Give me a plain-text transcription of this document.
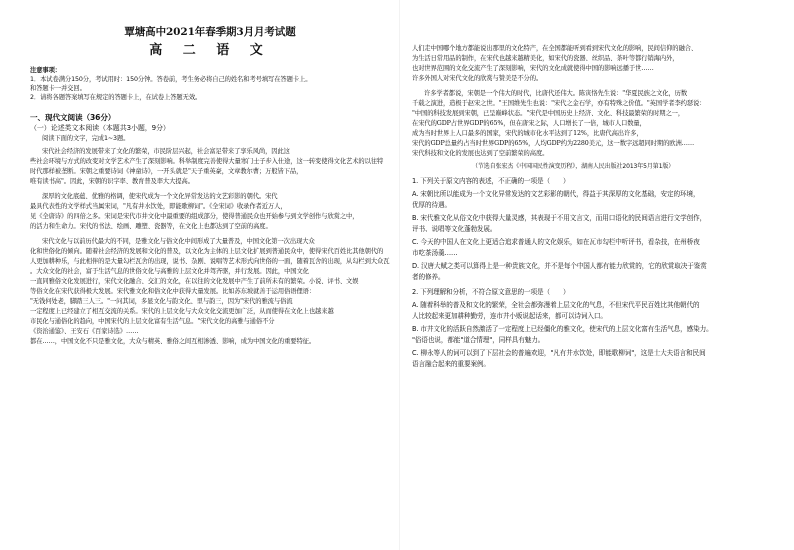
覃塘高中2021年春季期3月月考试题
高 二 语 文
注意事项：
1．本试卷满分150分，考试用时：150分钟。答卷前，考生务必将自己的姓名和考号填写在答题卡上。
和答题卡一并交回。
2．请将各题答案填写在规定的答题卡上，在试卷上答题无效。
一、现代文阅读（36分）
（一）论述类文本阅读（本题共3小题，9分）
阅读下面的文字，完成1~3题。
宋代社会经济的发展带来了文化的繁荣，市民阶层兴起，社会富足带来了享乐风尚，因此这
些社会环境与方式的改变对文学艺术产生了深刻影响。科举制度完善使得大量寒门士子步入仕途，这一转变使得文化艺术的以往特
时代那样被垄断。宋朝之重要诗词《神童诗》，一开头就是"天子重英豪，文章教尔曹；万般皆下品，
唯有读书高"。因此，宋朝的识字率、教育普及率大大提高。
深厚的文化底蕴、优雅的格调，使宋代成为一个文化异常发达的文艺彩影的朝代。宋代
最具代表性的文学样式当属宋词，"凡有井水饮处，即能歌柳词"。《全宋词》收录作者近万人，
见《全唐诗》的四倍之多。宋词是宋代市井文化中最重要的组成部分，使得普通民众也开始参与到文学创作与欣赏之中，
的活力和生命力。宋代的书法、绘画、雕塑、瓷器等，在文化上也都达到了空前的高度。
宋代文化与以前历代最大的不同，是雅文化与俗文化中间形成了大量普及，中国文化第一次出现大众
化和世俗化的倾向。随着社会经济的发展和文化的普及，以文化为主体的上层文化扩展到普通民众中，使得宋代百姓比其他朝代的
人更加耕种乐，与此相伴的是大量勾栏瓦舍的出现，说书、杂剧、说唱等艺术形式向世俗的一面，随着瓦舍的出现，从勾栏到大众瓦
。大众文化的社会，富于生活气息的世俗文化与高雅的上层文化并驾齐驱，并行发展。因此，中国文化
一直同雅俗文化发展进行，宋代文化融合、交汇的文化，在以往的文化发展中产生了前所未有的繁荣。小说、评书、文娱
等俗文化在宋代获得极大发展。宋代雅文化和俗文化中获得大量发展。比如苏东坡就善于运用俗语俚语：
"无钱何处老，脚踏三人三。"一问其词，多显文化与韵文化、里与韵三，因为"宋代的雅流与俗流
一定程度上已经建立了相互交流的关系。宋代的上层文化与大众文化交流更加广泛，从而使得在文化上也越来越
市民化与通俗化的趋向，中国宋代的上层文化富有生活气息。"宋代文化的高雅与通俗不分
《资治通鉴》、王安石《百家诗选》……
都在……，中国文化不只是雅文化，大众与精英、雅俗之间互相渗透、影响，成为中国文化的重要特征。
人们走中国哪个地方都能说出那里的文化特产，在全国都能听到看到宋代文化的影响，民间信仰的融合、
为生活日常用品的制作，在宋代也越来越精美化，如宋代的瓷器、丝织品、茶叶等都行销海内外，
也对世界范围的文化交流产生了深刻影响，宋代的文化成就使得中国的影响远播于世……
许多外国人对宋代文化的欣赏与赞美是不分的。
许多学者都说，宋朝是一个伟大的时代，比唐代还伟大。陈寅恪先生说："华夏民族之文化，历数
千载之演进，造极于赵宋之世。"王国维先生也说："宋代之金石学，亦有特殊之价值。"英国学者李约瑟说：
"中国的科技发展到宋朝，已呈巅峰状态。"宋代是中国历史上经济、文化、科技最繁荣的时期之一，
在宋代的GDP占世界GDP的65%，但在唐宋之际，人口增长了一倍，城市人口数量，
成为当时世界上人口最多的国家，宋代的城市化水平达到了12%，比唐代高出许多，
宋代的GDP总量约占当时世界GDP的65%，人均GDP约为2280美元，这一数字远超同时期的欧洲……
宋代科技和文化的发展也达到了空前繁荣的高度。
（节选自张宏杰《中国国民性演变历程》，湖南人民出版社2013年5月第1版）
1. 下列关于原文内容的表述，不正确的一项是（　　）
A. 宋朝比所以能成为一个文化异常发达的文艺彩影的朝代，得益于其深厚的文化基础，安定的环境，
优厚的待遇。
B. 宋代雅文化从俗文化中获得大量灵感，其表现于不用文言文，而用口语化的民间语言进行文学创作，
评书、说唱等文化蓬勃发展。
C. 今天的中国人在文化上更适合追求普通人的文化娱乐，如在瓦市勾栏中听评书，看杂技，在州桥夜
市吃茶汤羹……
D. 汉唐大赋之类可以算得上是一种贵族文化，并不是每个中国人都有能力欣赏的，它的欣赏取决于鉴赏
者的修养。
2. 下列理解和分析，不符合原文意思的一项是（　　）
A. 随着科举的普及和文化的繁荣，全社会都弥漫着上层文化的气息，不但宋代平民百姓比其他朝代的
人比较起来更加耕种勤劳，连市井小贩说起话来，都可以诗词入口。
B. 市井文化的活跃自然激活了一定程度上已经僵化的雅文化，使宋代的上层文化富有生活气息，感染力。
"俗语也说，都能"道合情理"，同样具有魅力。
C. 柳永等人的词可以到了下层社会的普遍欢迎，"凡有井水饮处，即能歌柳词"，这是士大夫语言和民间
语言融合起来的重要案例。
